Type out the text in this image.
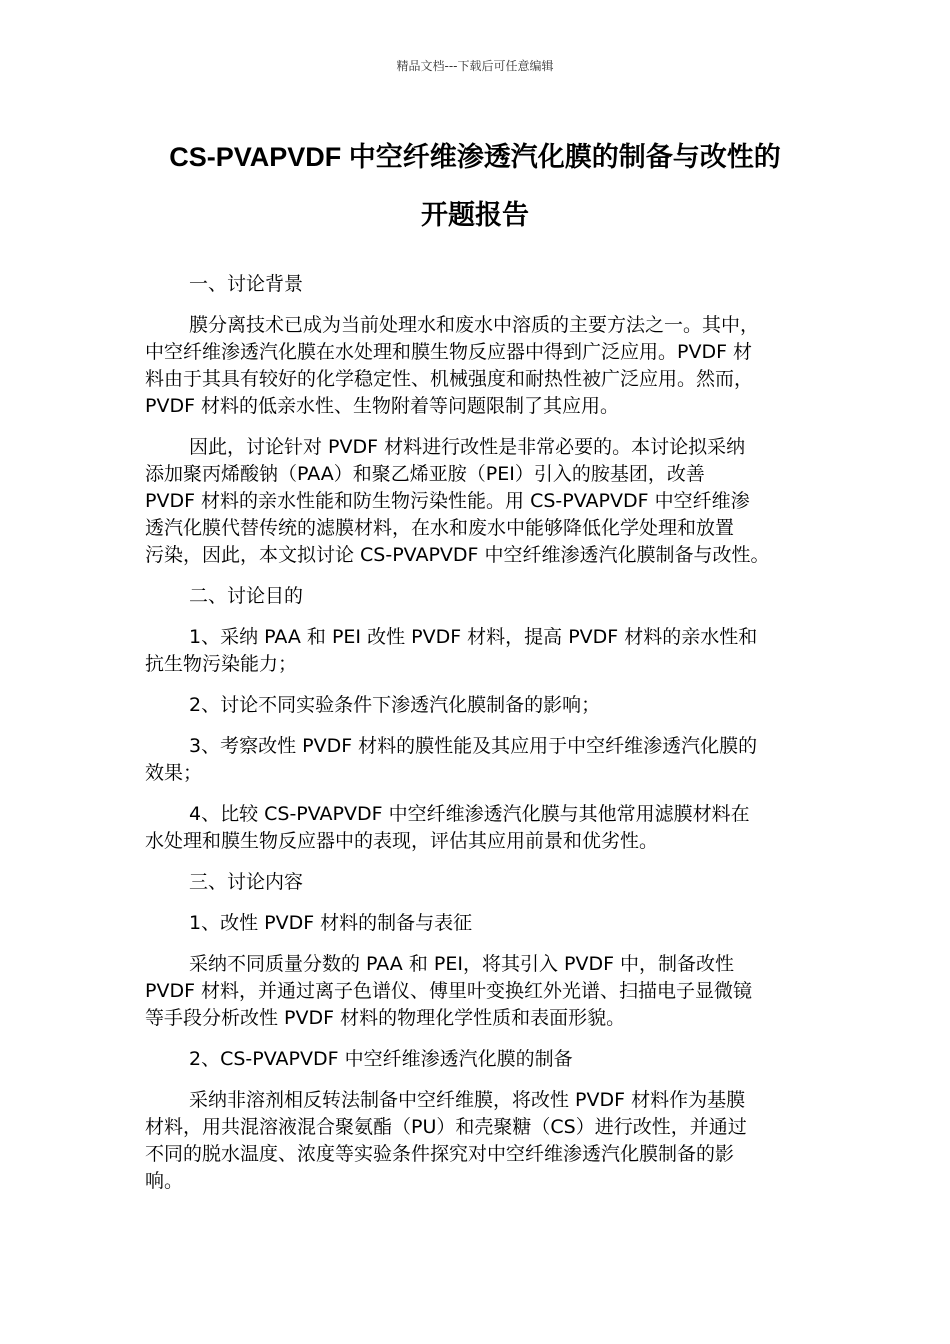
精品文档---下载后可任意编辑
CS-PVAPVDF 中空纤维渗透汽化膜的制备与改性的
开题报告
一、讨论背景
膜分离技术已成为当前处理水和废水中溶质的主要方法之一。其中，
中空纤维渗透汽化膜在水处理和膜生物反应器中得到广泛应用。PVDF 材
料由于其具有较好的化学稳定性、机械强度和耐热性被广泛应用。然而，
PVDF 材料的低亲水性、生物附着等问题限制了其应用。
因此，讨论针对 PVDF 材料进行改性是非常必要的。本讨论拟采纳
添加聚丙烯酸钠（PAA）和聚乙烯亚胺（PEI）引入的胺基团，改善
PVDF 材料的亲水性能和防生物污染性能。用 CS-PVAPVDF 中空纤维渗
透汽化膜代替传统的滤膜材料，在水和废水中能够降低化学处理和放置
污染，因此，本文拟讨论 CS-PVAPVDF 中空纤维渗透汽化膜制备与改性。
二、讨论目的
1、采纳 PAA 和 PEI 改性 PVDF 材料，提高 PVDF 材料的亲水性和
抗生物污染能力；
2、讨论不同实验条件下渗透汽化膜制备的影响；
3、考察改性 PVDF 材料的膜性能及其应用于中空纤维渗透汽化膜的
效果；
4、比较 CS-PVAPVDF 中空纤维渗透汽化膜与其他常用滤膜材料在
水处理和膜生物反应器中的表现，评估其应用前景和优劣性。
三、讨论内容
1、改性 PVDF 材料的制备与表征
采纳不同质量分数的 PAA 和 PEI，将其引入 PVDF 中，制备改性
PVDF 材料，并通过离子色谱仪、傅里叶变换红外光谱、扫描电子显微镜
等手段分析改性 PVDF 材料的物理化学性质和表面形貌。
2、CS-PVAPVDF 中空纤维渗透汽化膜的制备
采纳非溶剂相反转法制备中空纤维膜，将改性 PVDF 材料作为基膜
材料，用共混溶液混合聚氨酯（PU）和壳聚糖（CS）进行改性，并通过
不同的脱水温度、浓度等实验条件探究对中空纤维渗透汽化膜制备的影
响。
